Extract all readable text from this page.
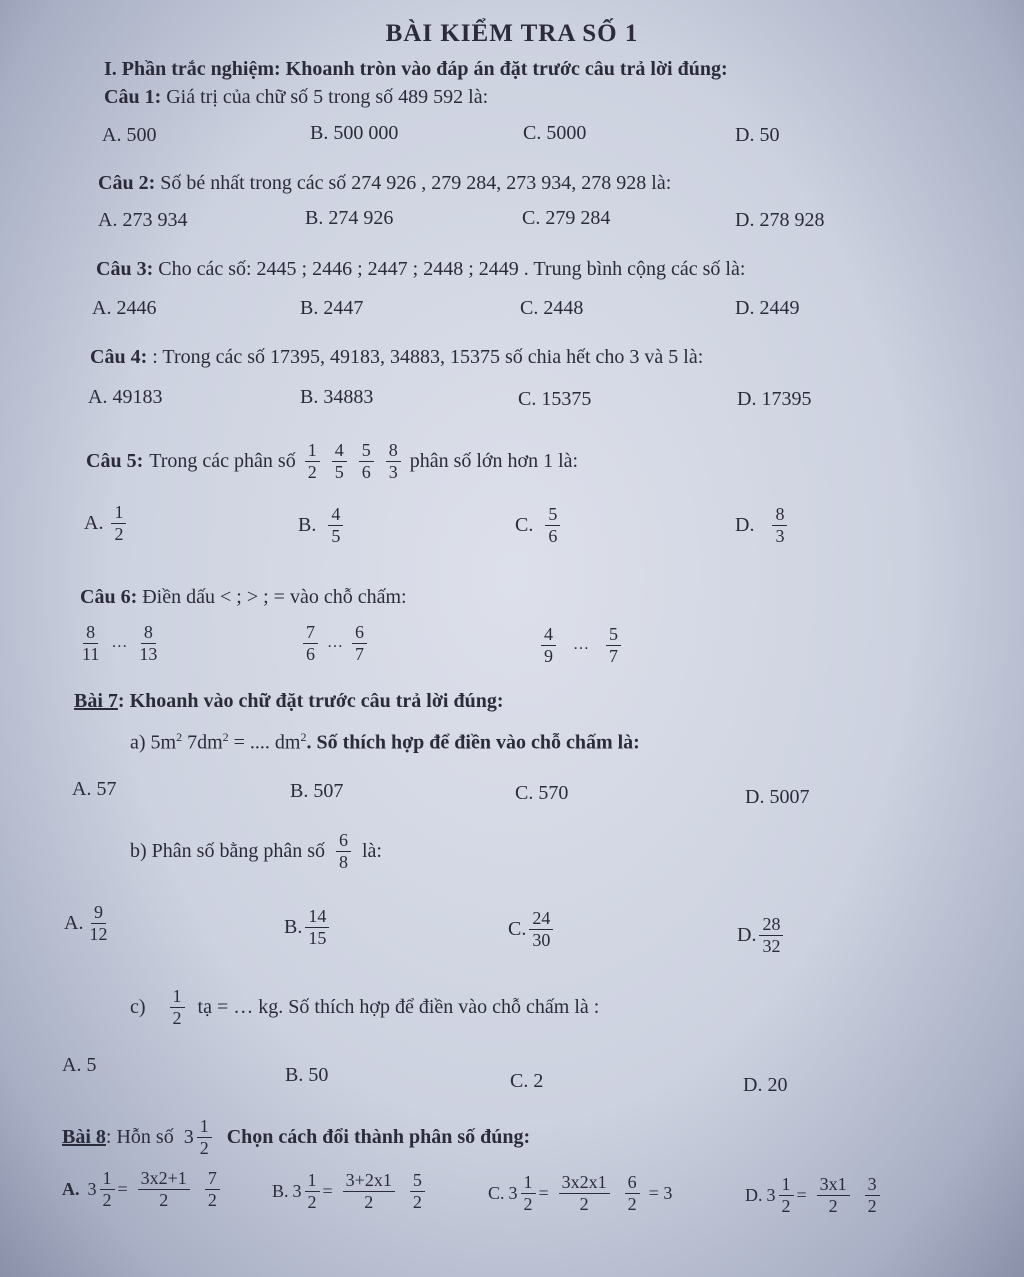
BÀI KIỂM TRA SỐ 1
I. Phần trắc nghiệm: Khoanh tròn vào đáp án đặt trước câu trả lời đúng:
Câu 1: Giá trị của chữ số 5 trong số 489 592 là:
A. 500	B. 500 000	C. 5000	D. 50
Câu 2: Số bé nhất trong các số 274 926 , 279 284, 273 934, 278 928 là:
A. 273 934	B. 274 926	C. 279 284	D. 278 928
Câu 3: Cho các số: 2445 ; 2446 ; 2447 ; 2448 ; 2449 . Trung bình cộng các số là:
A. 2446	B. 2447	C. 2448	D. 2449
Câu 4: : Trong các số 17395, 49183, 34883, 15375 số chia hết cho 3 và 5 là:
A. 49183	B. 34883	C. 15375	D. 17395
Câu 5: Trong các phân số $\frac{1}{2} \frac{4}{5} \frac{5}{6} \frac{8}{3}$ phân số lớn hơn 1 là:
A. $\frac{1}{2}$	B. $\frac{4}{5}$	C. $\frac{5}{6}$	D. $\frac{8}{3}$
Câu 6: Điền dấu < ; > ; = vào chỗ chấm:
$\frac{8}{11}$ … $\frac{8}{13}$	$\frac{7}{6}$ … $\frac{6}{7}$	$\frac{4}{9}$ … $\frac{5}{7}$
Bài 7: Khoanh vào chữ đặt trước câu trả lời đúng:
a) $5m^2$ $7dm^2$ = .... $dm^2$. Số thích hợp để điền vào chỗ chấm là:
A. 57	B. 507	C. 570	D. 5007
b) Phân số bằng phân số $\frac{6}{8}$ là:
A. $\frac{9}{12}$	B. $\frac{14}{15}$	C. $\frac{24}{30}$	D. $\frac{28}{32}$
$c) \frac{1}{2}$ tạ = … kg. Số thích hợp để điền vào chỗ chấm là :
A. 5	B. 50	C. 2	D. 20
Bài 8 : Hỗn số $3 \frac{1}{2}$ Chọn cách đổi thành phân số đúng:
A. $3 \frac{1}{2} = \frac{3x2+1}{2} \frac{7}{2}$	B. $3 \frac{1}{2} = \frac{3+2x1}{2} \frac{5}{2}$	C. $3 \frac{1}{2} = \frac{3x2x1}{2} \frac{6}{2} = 3$	D. $3 \frac{1}{2} = \frac{3x1}{2} \frac{3}{2}$
